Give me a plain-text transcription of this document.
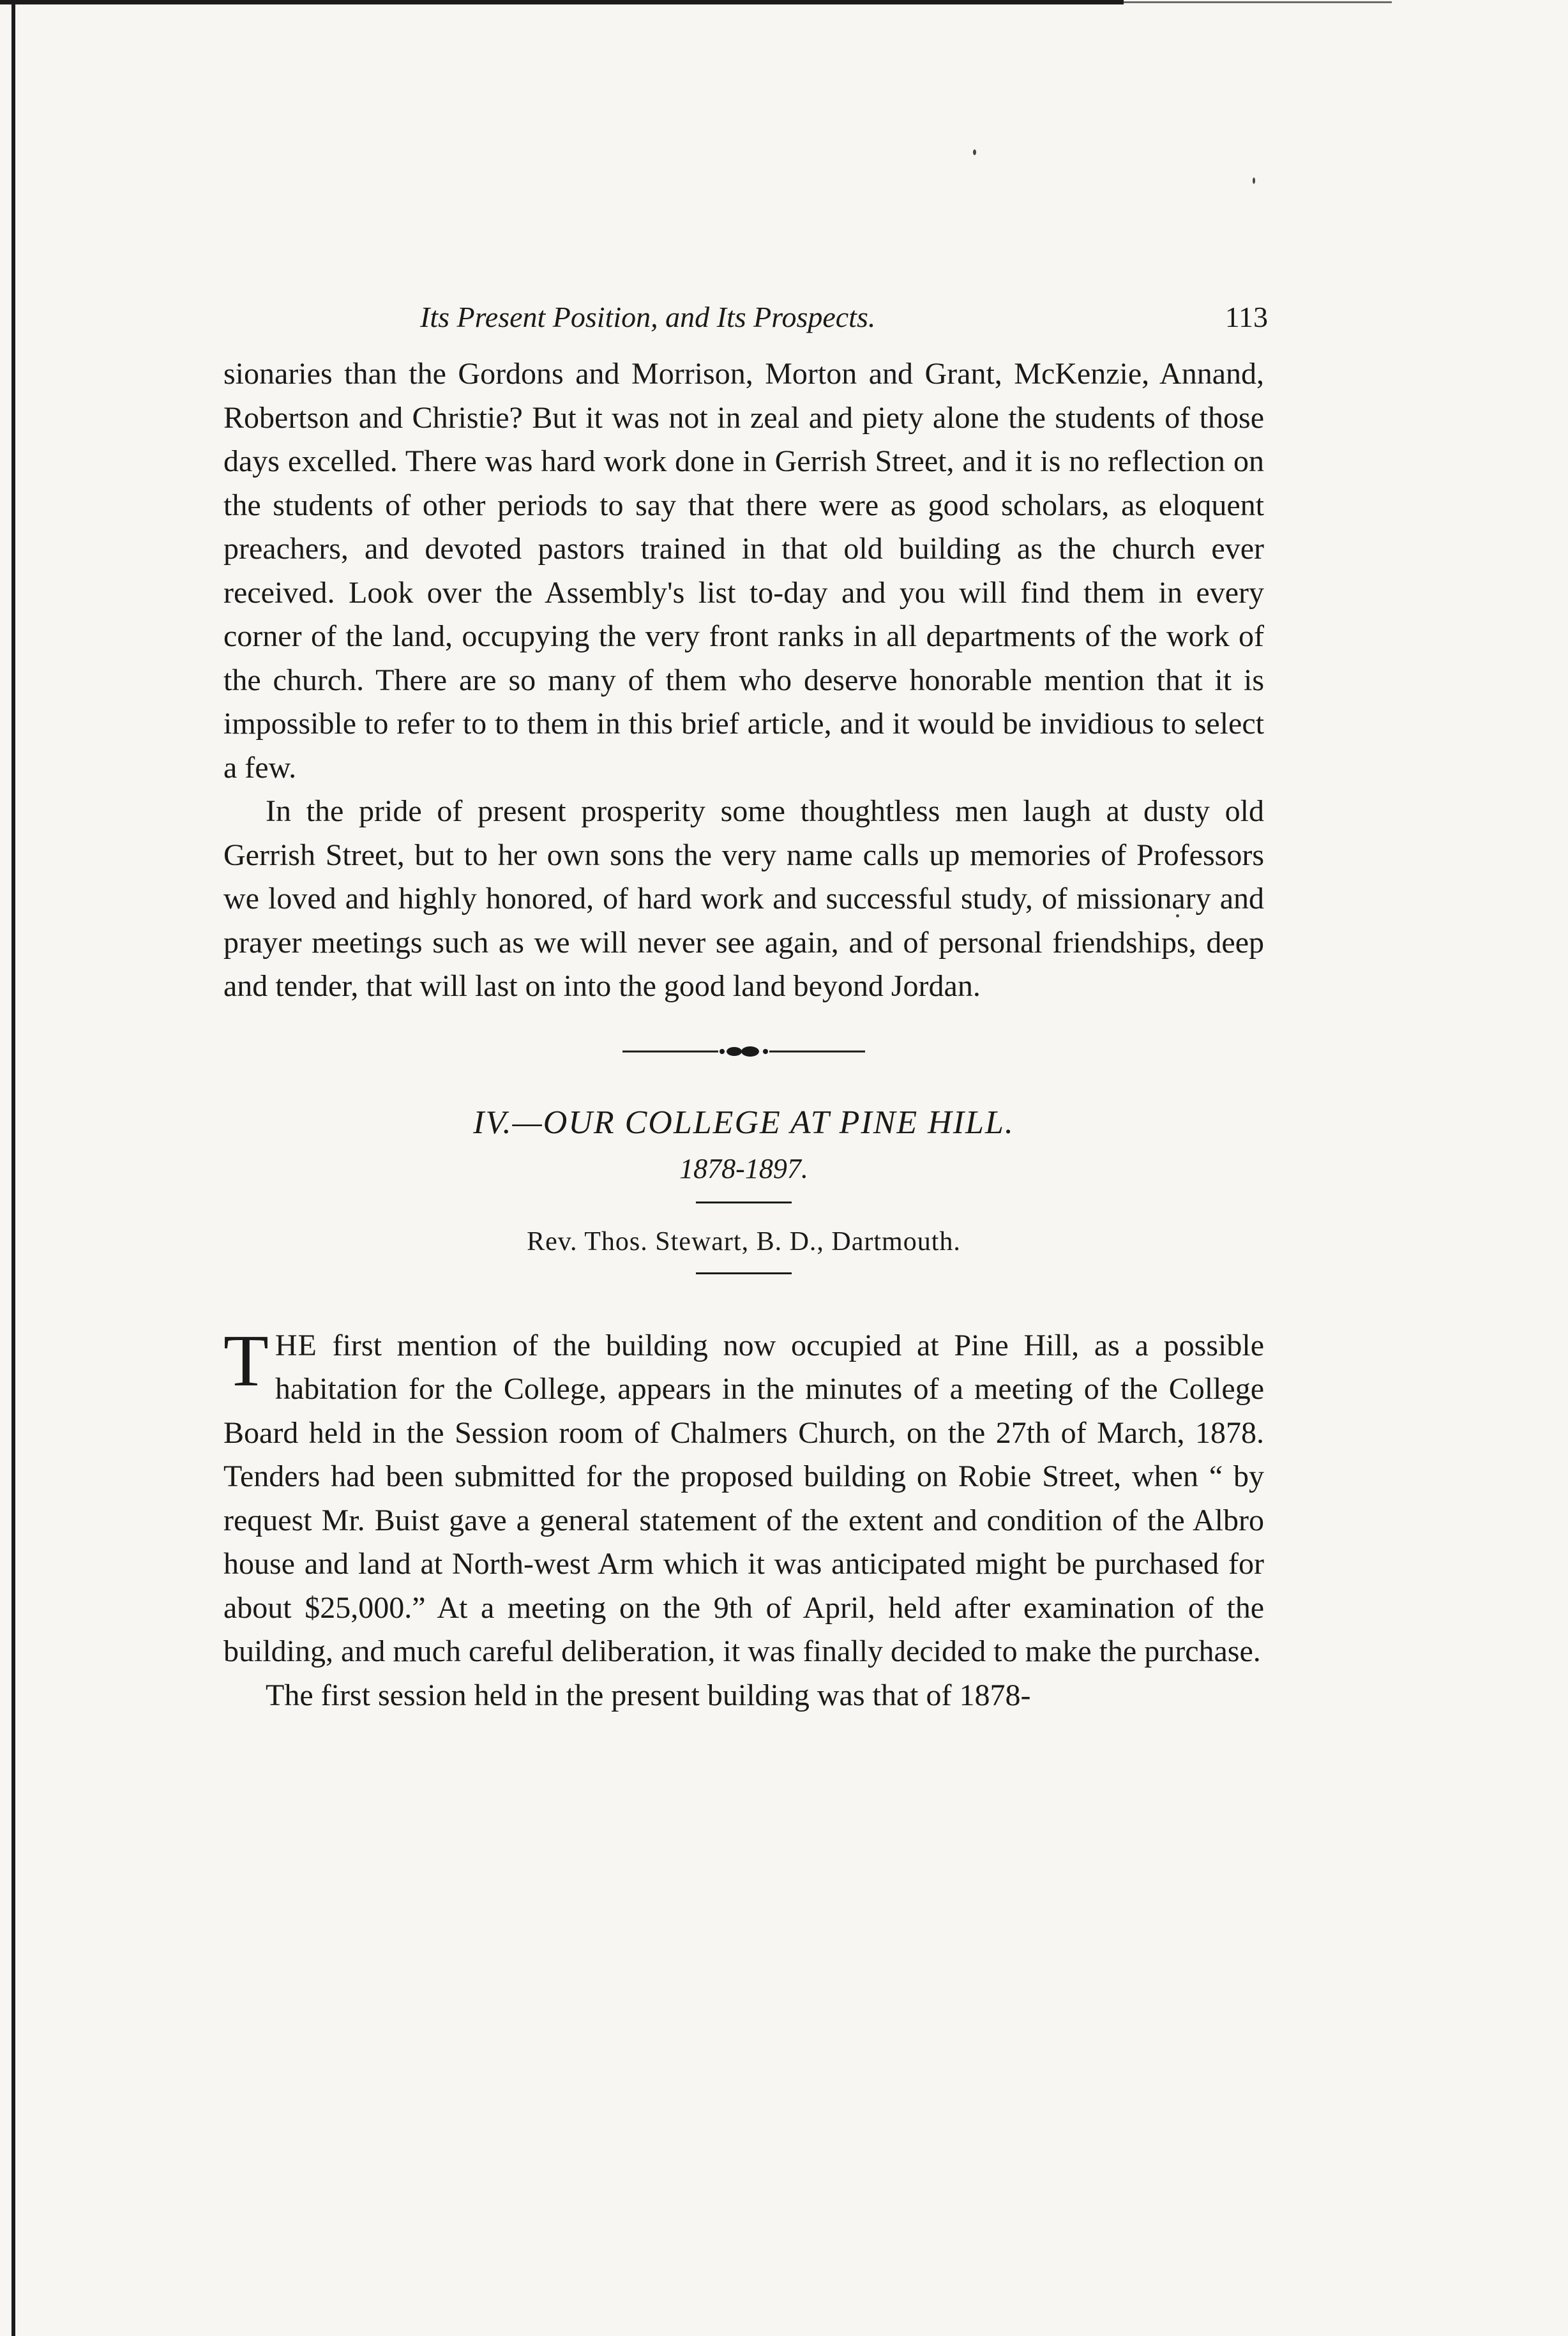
Its Present Position, and Its Prospects.	113

sionaries than the Gordons and Morrison, Morton and Grant, McKenzie, Annand, Robertson and Christie? But it was not in zeal and piety alone the students of those days excelled. There was hard work done in Gerrish Street, and it is no reflection on the students of other periods to say that there were as good scholars, as eloquent preachers, and devoted pastors trained in that old building as the church ever received. Look over the Assembly's list to-day and you will find them in every corner of the land, occupying the very front ranks in all departments of the work of the church. There are so many of them who deserve honorable mention that it is impossible to refer to to them in this brief article, and it would be invidious to select a few.

In the pride of present prosperity some thoughtless men laugh at dusty old Gerrish Street, but to her own sons the very name calls up memories of Professors we loved and highly honored, of hard work and successful study, of missionary and prayer meetings such as we will never see again, and of personal friendships, deep and tender, that will last on into the good land beyond Jordan.

IV.—OUR COLLEGE AT PINE HILL.
1878-1897.
Rev. Thos. Stewart, B. D., Dartmouth.

THE first mention of the building now occupied at Pine Hill, as a possible habitation for the College, appears in the minutes of a meeting of the College Board held in the Session room of Chalmers Church, on the 27th of March, 1878. Tenders had been submitted for the proposed building on Robie Street, when “ by request Mr. Buist gave a general statement of the extent and condition of the Albro house and land at North-west Arm which it was anticipated might be purchased for about $25,000.” At a meeting on the 9th of April, held after examination of the building, and much careful deliberation, it was finally decided to make the purchase.

The first session held in the present building was that of 1878-
